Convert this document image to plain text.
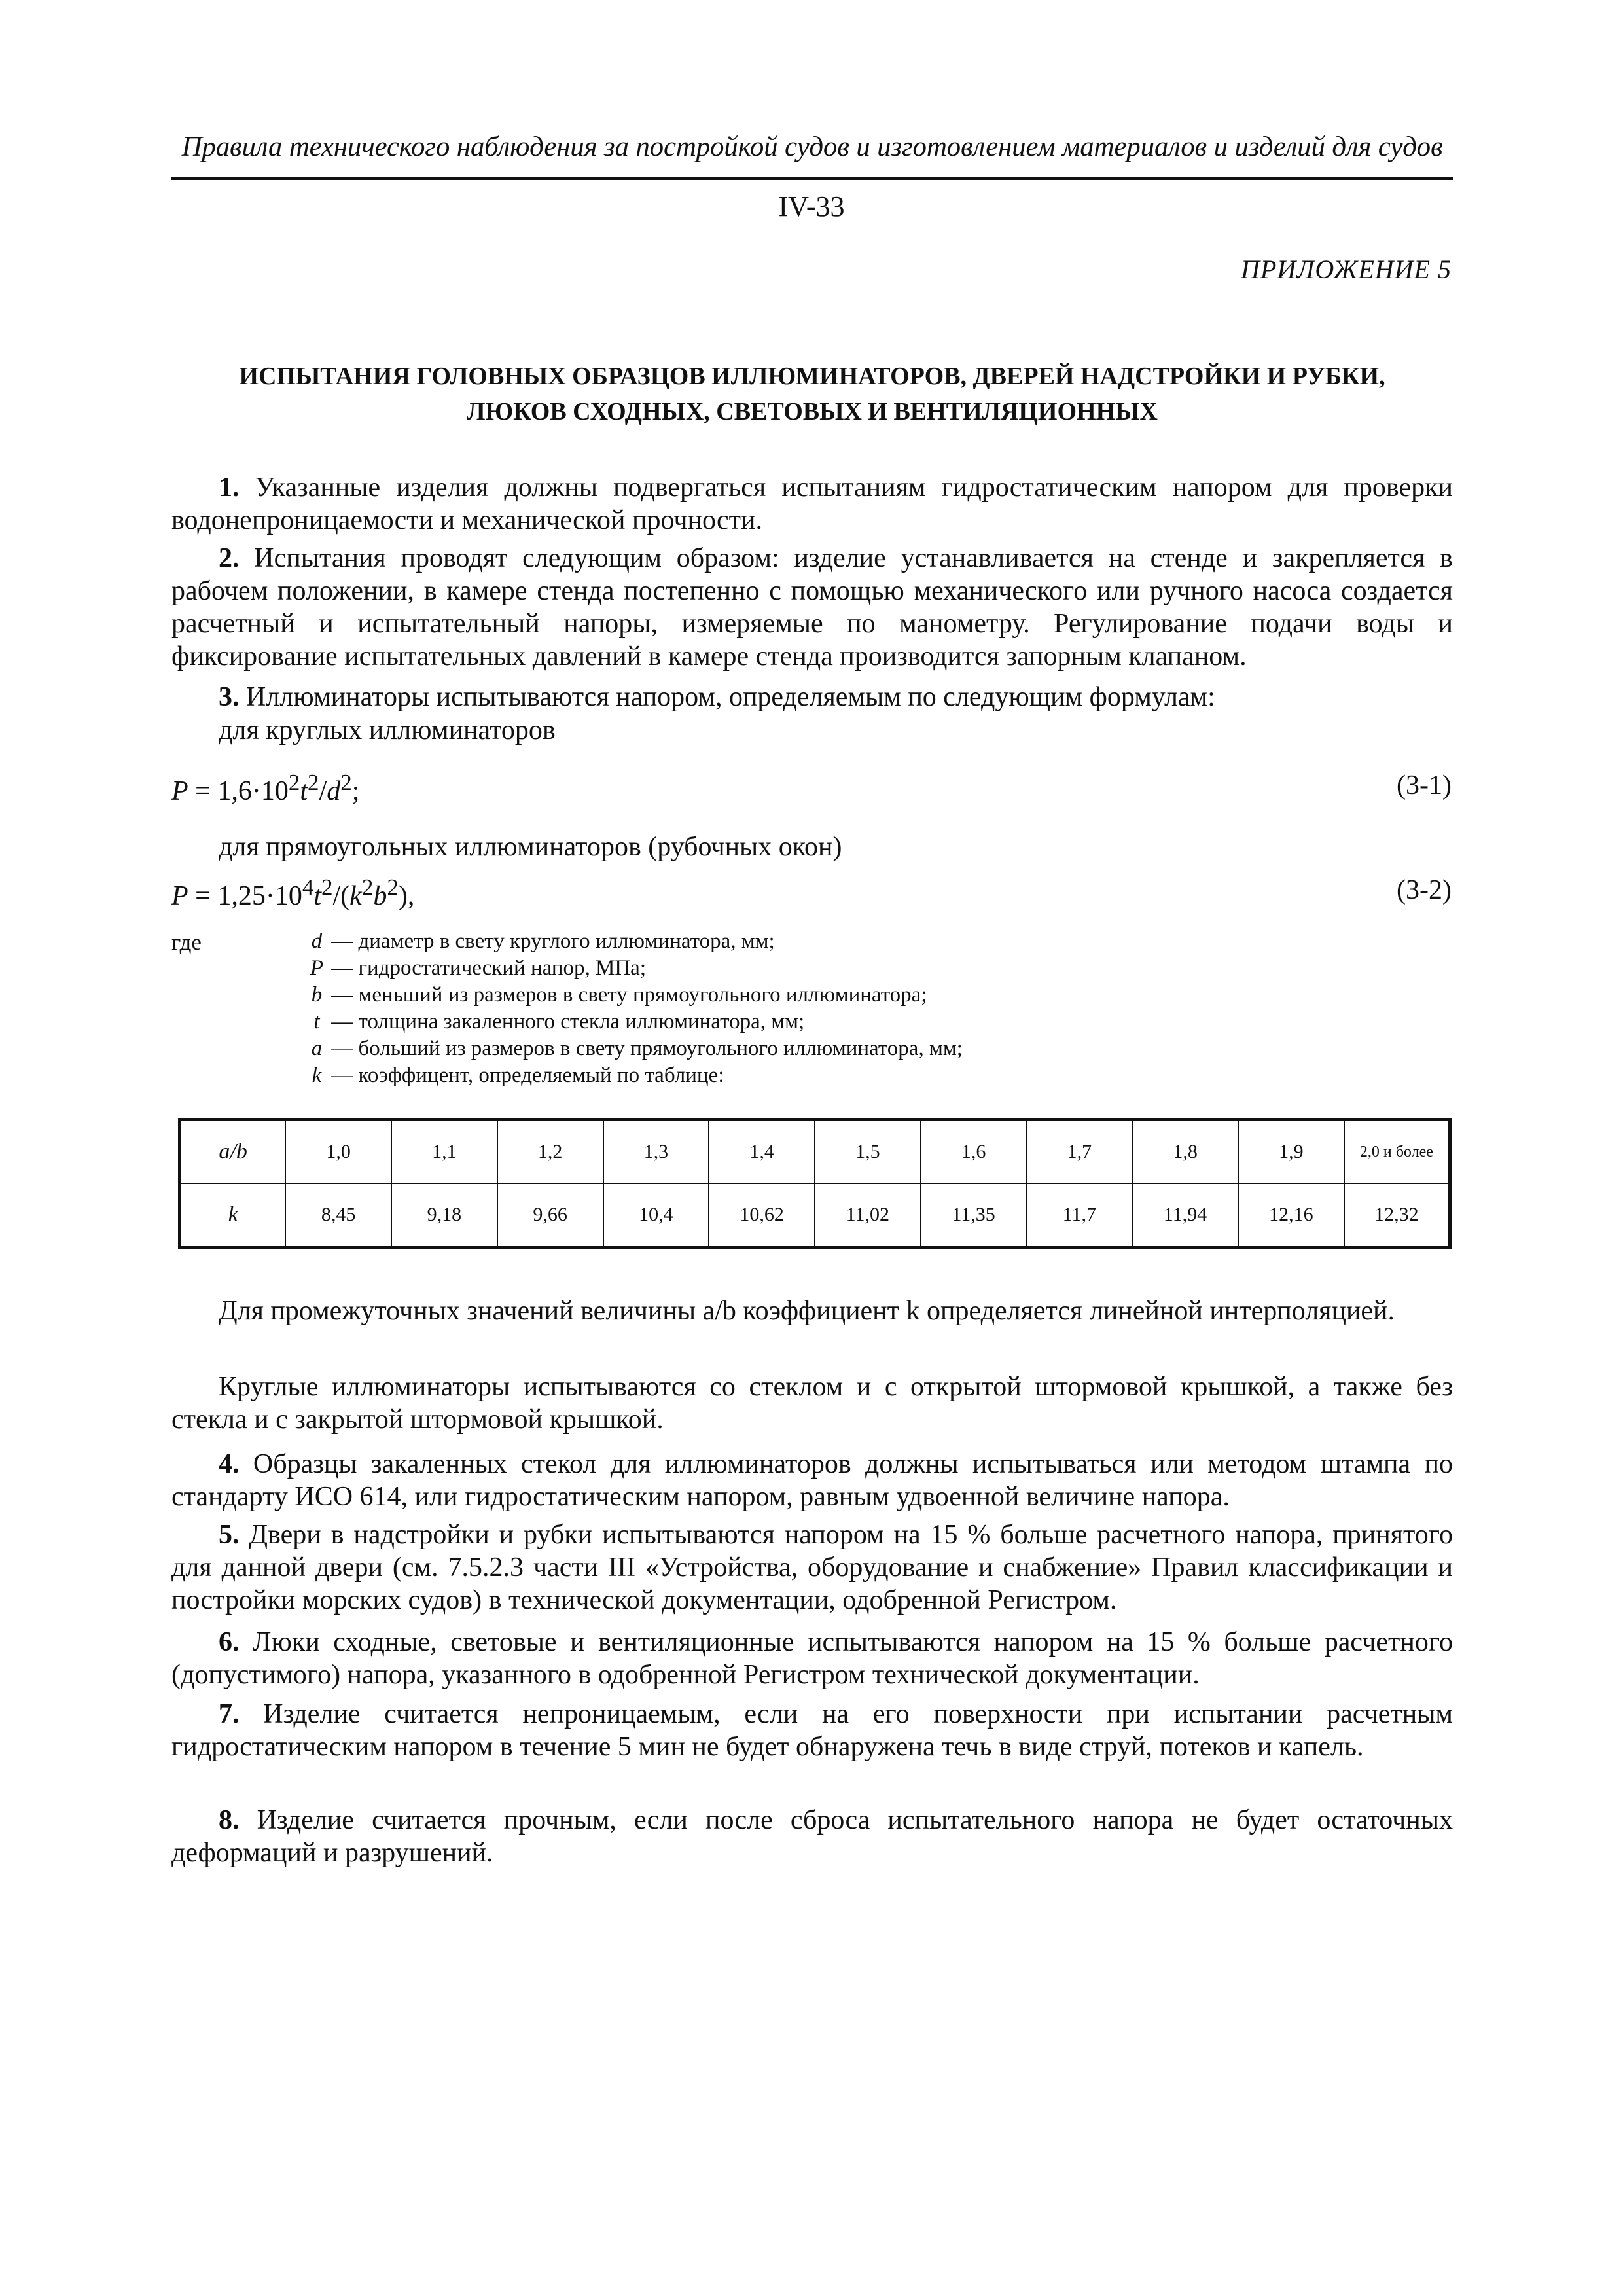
Правила технического наблюдения за постройкой судов и изготовлением материалов и изделий для судов
IV-33
ПРИЛОЖЕНИЕ 5
ИСПЫТАНИЯ ГОЛОВНЫХ ОБРАЗЦОВ ИЛЛЮМИНАТОРОВ, ДВЕРЕЙ НАДСТРОЙКИ И РУБКИ,
ЛЮКОВ СХОДНЫХ, СВЕТОВЫХ И ВЕНТИЛЯЦИОННЫХ
1. Указанные изделия должны подвергаться испытаниям гидростатическим напором для проверки водонепроницаемости и механической прочности.
2. Испытания проводят следующим образом: изделие устанавливается на стенде и закрепляется в рабочем положении, в камере стенда постепенно с помощью механического или ручного насоса создается расчетный и испытательный напоры, измеряемые по манометру. Регулирование подачи воды и фиксирование испытательных давлений в камере стенда производится запорным клапаном.
3. Иллюминаторы испытываются напором, определяемым по следующим формулам:
для круглых иллюминаторов
$P = 1,6\cdot 10^2t^2/d^2$;	(3-1)
для прямоугольных иллюминаторов (рубочных окон)
$P = 1,25\cdot 10^4t^2/(k^2b^2)$,	(3-2)
где	d — диаметр в свету круглого иллюминатора, мм;
P — гидростатический напор, МПа;
b — меньший из размеров в свету прямоугольного иллюминатора;
t — толщина закаленного стекла иллюминатора, мм;
a — больший из размеров в свету прямоугольного иллюминатора, мм;
k — коэффицент, определяемый по таблице:
a/b	1,0	1,1	1,2	1,3	1,4	1,5	1,6	1,7	1,8	1,9	2,0 и более
k	8,45	9,18	9,66	10,4	10,62	11,02	11,35	11,7	11,94	12,16	12,32
Для промежуточных значений величины a/b коэффициент k определяется линейной интерполяцией.
Круглые иллюминаторы испытываются со стеклом и с открытой штормовой крышкой, а также без стекла и с закрытой штормовой крышкой.
4. Образцы закаленных стекол для иллюминаторов должны испытываться или методом штампа по стандарту ИСО 614, или гидростатическим напором, равным удвоенной величине напора.
5. Двери в надстройки и рубки испытываются напором на 15 % больше расчетного напора, принятого для данной двери (см. 7.5.2.3 части III «Устройства, оборудование и снабжение» Правил классификации и постройки морских судов) в технической документации, одобренной Регистром.
6. Люки сходные, световые и вентиляционные испытываются напором на 15 % больше расчетного (допустимого) напора, указанного в одобренной Регистром технической документации.
7. Изделие считается непроницаемым, если на его поверхности при испытании расчетным гидростатическим напором в течение 5 мин не будет обнаружена течь в виде струй, потеков и капель.
8. Изделие считается прочным, если после сброса испытательного напора не будет остаточных деформаций и разрушений.
